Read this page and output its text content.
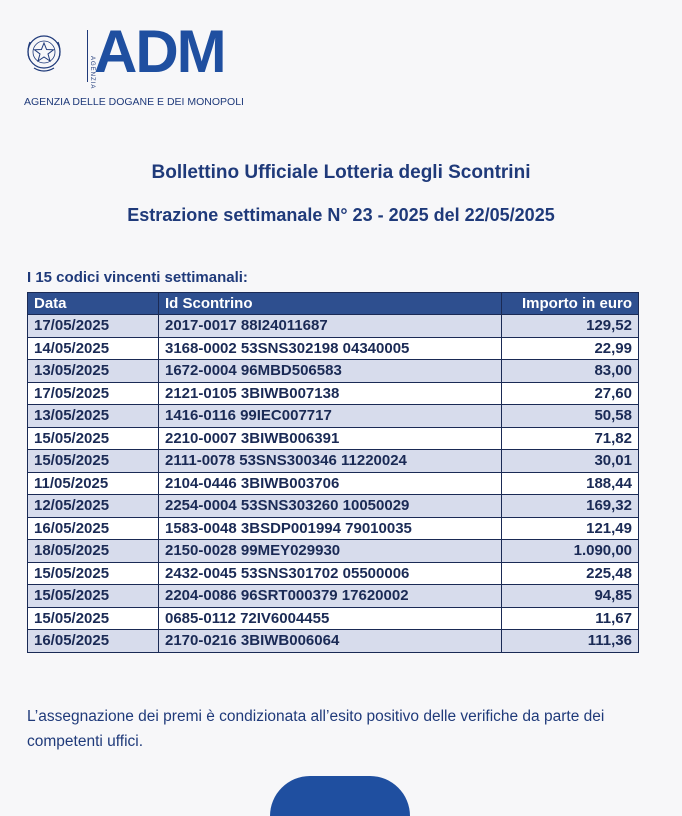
AGENZIA ADM
AGENZIA DELLE DOGANE E DEI MONOPOLI
Bollettino Ufficiale Lotteria degli Scontrini
Estrazione settimanale N° 23 - 2025 del 22/05/2025
I 15 codici vincenti settimanali:
Data	Id Scontrino	Importo in euro
17/05/2025	2017-0017 88I24011687	129,52
14/05/2025	3168-0002 53SNS302198 04340005	22,99
13/05/2025	1672-0004 96MBD506583	83,00
17/05/2025	2121-0105 3BIWB007138	27,60
13/05/2025	1416-0116 99IEC007717	50,58
15/05/2025	2210-0007 3BIWB006391	71,82
15/05/2025	2111-0078 53SNS300346 11220024	30,01
11/05/2025	2104-0446 3BIWB003706	188,44
12/05/2025	2254-0004 53SNS303260 10050029	169,32
16/05/2025	1583-0048 3BSDP001994 79010035	121,49
18/05/2025	2150-0028 99MEY029930	1.090,00
15/05/2025	2432-0045 53SNS301702 05500006	225,48
15/05/2025	2204-0086 96SRT000379 17620002	94,85
15/05/2025	0685-0112 72IV6004455	11,67
16/05/2025	2170-0216 3BIWB006064	111,36
L’assegnazione dei premi è condizionata all’esito positivo delle verifiche da parte dei competenti uffici.
